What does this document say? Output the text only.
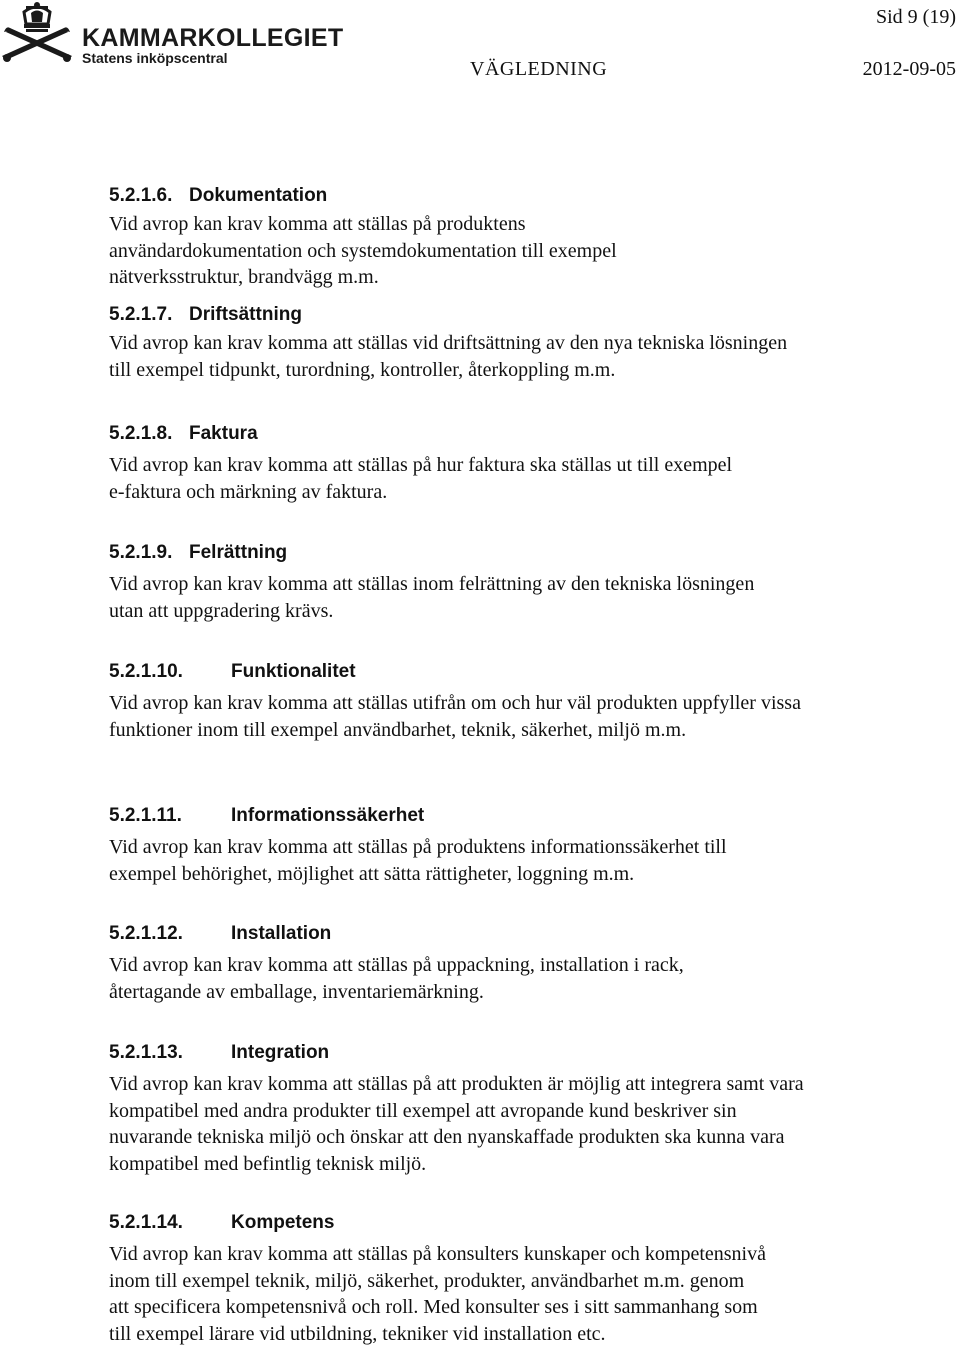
KAMMARKOLLEGIET
Statens inköpscentral
Sid 9 (19)
VÄGLEDNING	2012-09-05
5.2.1.6. Dokumentation

Vid avrop kan krav komma att ställas på produktens användardokumentation och systemdokumentation till exempel nätverksstruktur, brandvägg m.m.

5.2.1.7. Driftsättning

Vid avrop kan krav komma att ställas vid driftsättning av den nya tekniska lösningen till exempel tidpunkt, turordning, kontroller, återkoppling m.m.

5.2.1.8. Faktura

Vid avrop kan krav komma att ställas på hur faktura ska ställas ut till exempel e-faktura och märkning av faktura.

5.2.1.9. Felrättning

Vid avrop kan krav komma att ställas inom felrättning av den tekniska lösningen utan att uppgradering krävs.

5.2.1.10.	Funktionalitet

Vid avrop kan krav komma att ställas utifrån om och hur väl produkten uppfyller vissa funktioner inom till exempel användbarhet, teknik, säkerhet, miljö m.m.

5.2.1.11.	Informationssäkerhet

Vid avrop kan krav komma att ställas på produktens informationssäkerhet till exempel behörighet, möjlighet att sätta rättigheter, loggning m.m.

5.2.1.12.	Installation

Vid avrop kan krav komma att ställas på uppackning, installation i rack, återtagande av emballage, inventariemärkning.

5.2.1.13.	Integration

Vid avrop kan krav komma att ställas på att produkten är möjlig att integrera samt vara kompatibel med andra produkter till exempel att avropande kund beskriver sin nuvarande tekniska miljö och önskar att den nyanskaffade produkten ska kunna vara kompatibel med befintlig teknisk miljö.

5.2.1.14.	Kompetens

Vid avrop kan krav komma att ställas på konsulters kunskaper och kompetensnivå inom till exempel teknik, miljö, säkerhet, produkter, användbarhet m.m. genom att specificera kompetensnivå och roll. Med konsulter ses i sitt sammanhang som till exempel lärare vid utbildning, tekniker vid installation etc.
